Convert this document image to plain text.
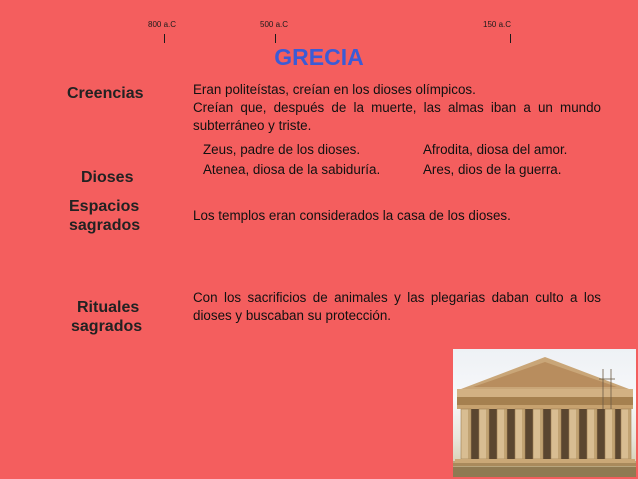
800 a.C	500 a.C	150 a.C
GRECIA
Creencias	Eran politeístas, creían en los dioses olímpicos.
Creían que, después de la muerte, las almas iban a un mundo subterráneo y triste.
Dioses
Zeus, padre de los dioses.	Afrodita, diosa del amor.
Atenea, diosa de la sabiduría.	Ares, dios de la guerra.
Espacios
sagrados
Los templos eran considerados la casa de los dioses.
Rituales
sagrados
Con los sacrificios de animales y las plegarias daban culto a los dioses y buscaban su protección.
